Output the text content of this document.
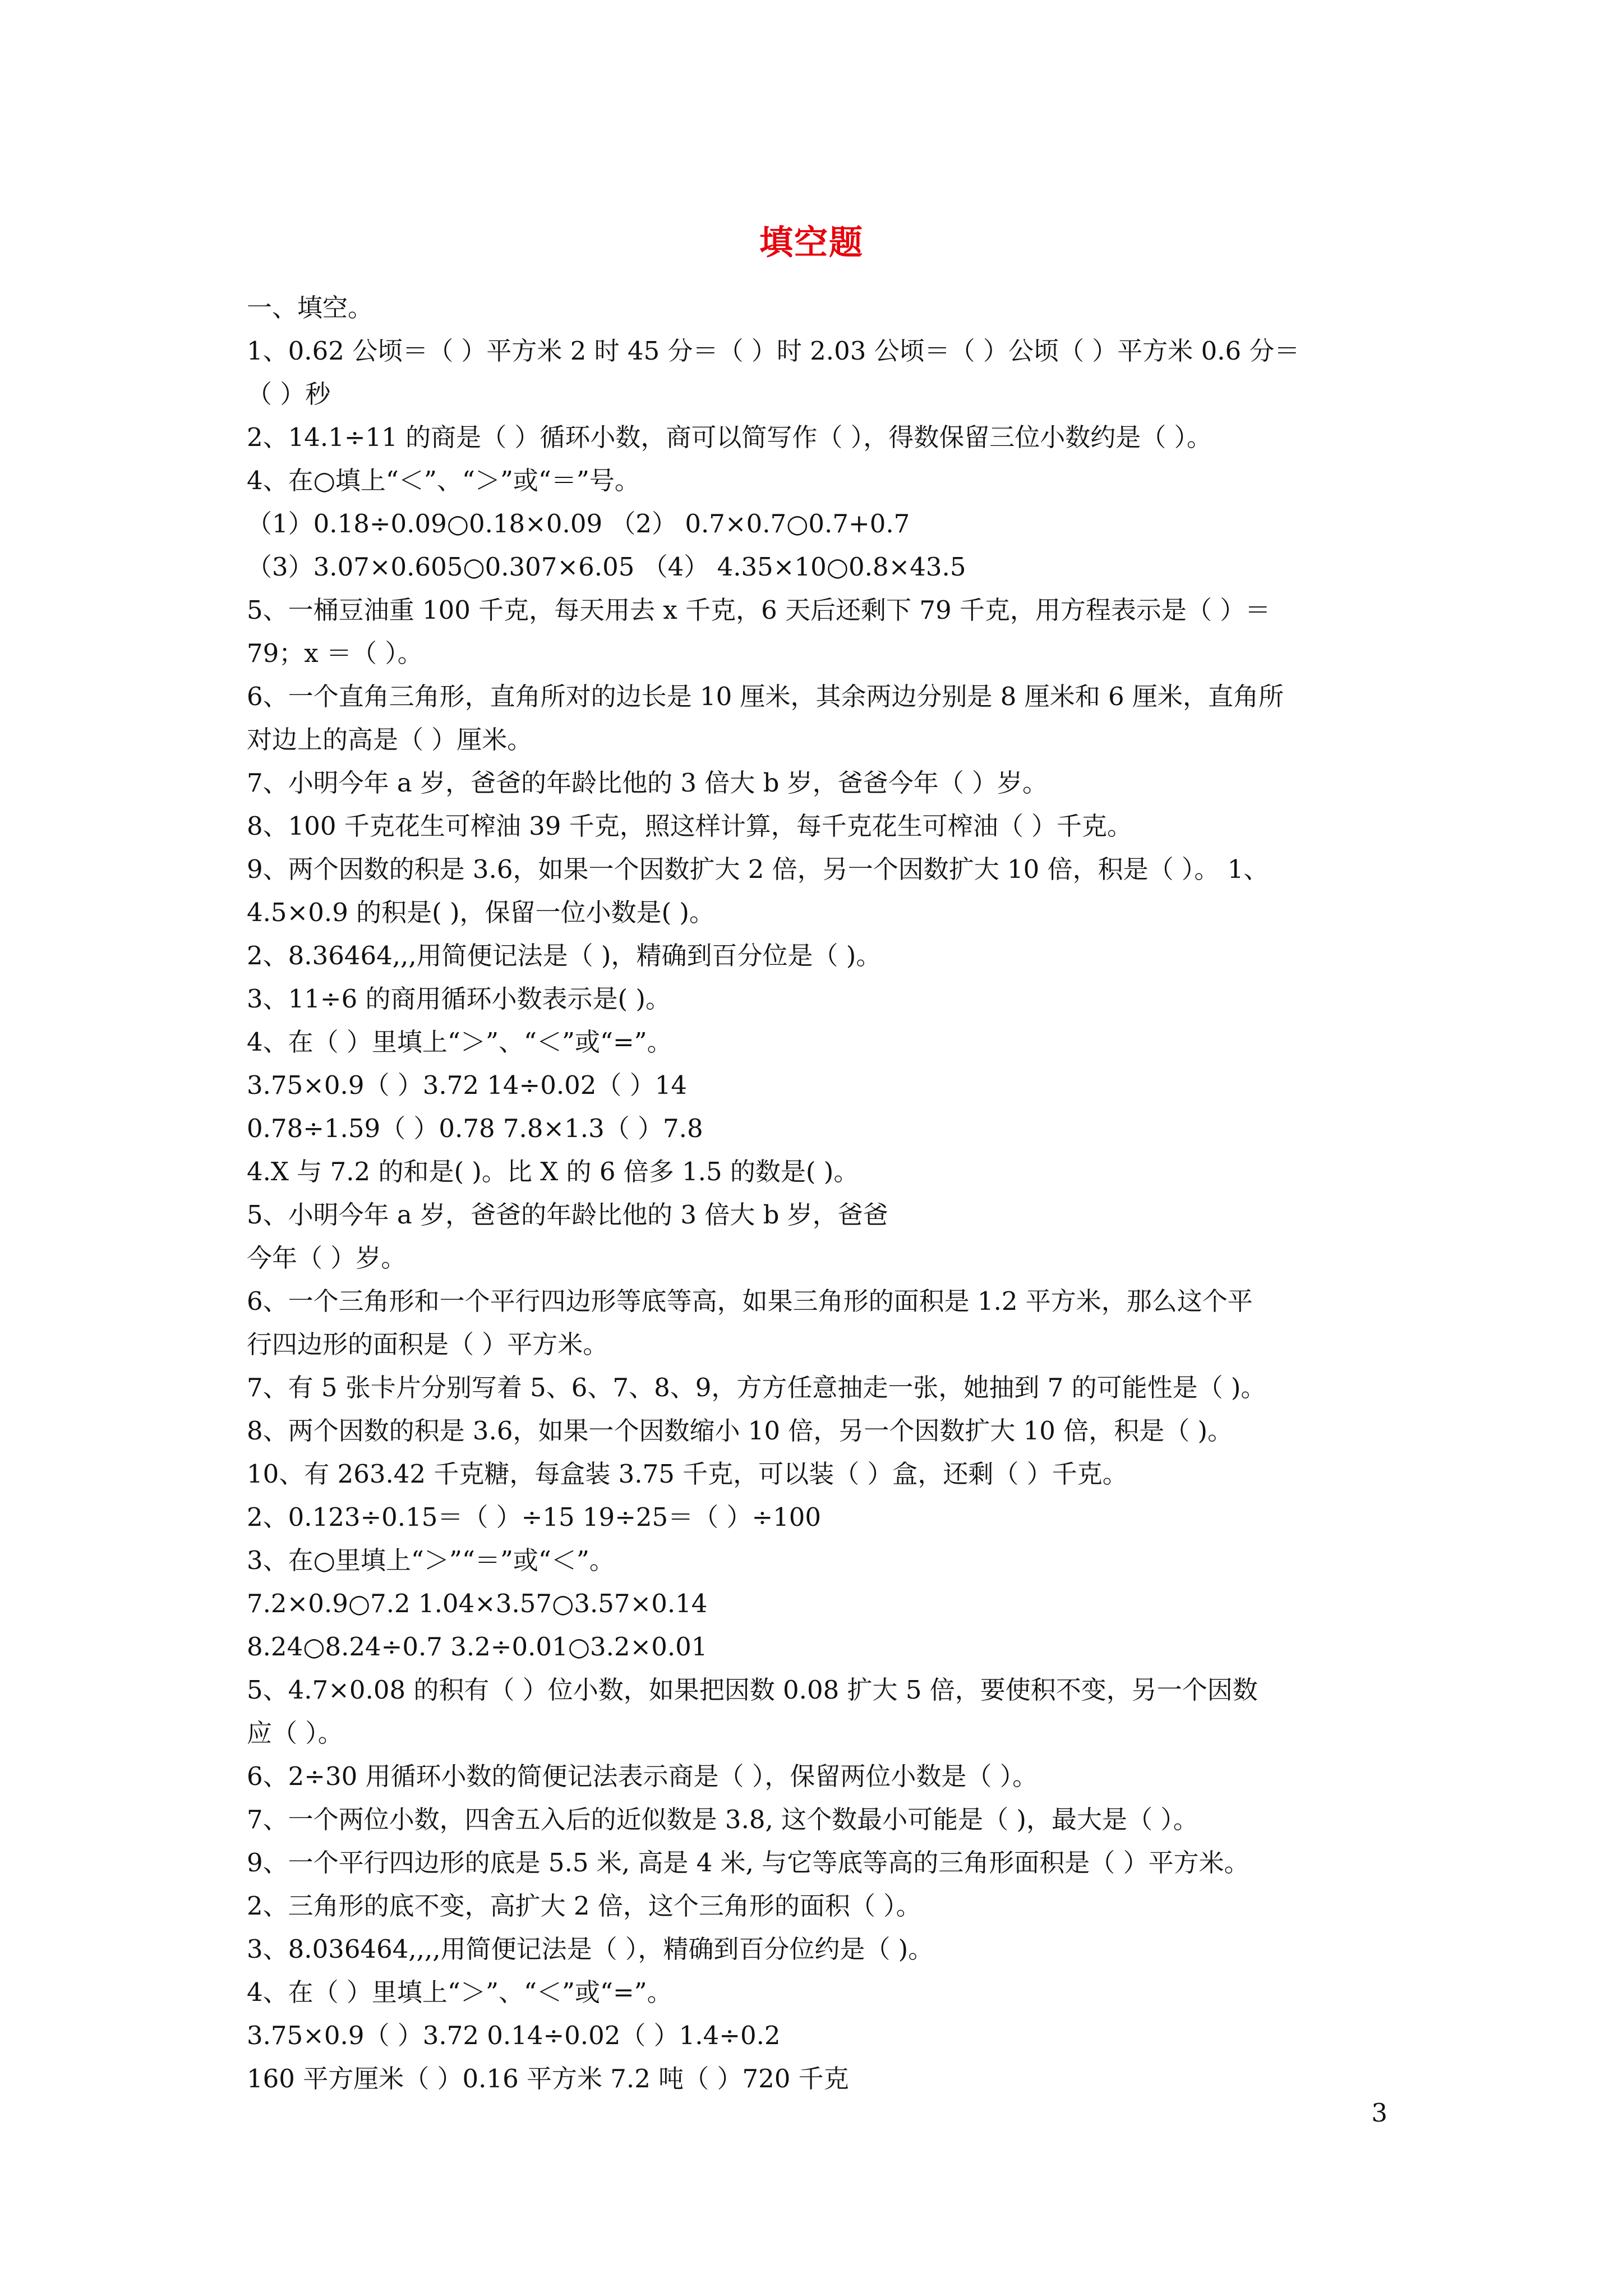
填空题
一、填空。
1、0.62 公顷＝（ ）平方米 2 时 45 分＝（ ）时 2.03 公顷＝（ ）公顷（ ）平方米 0.6 分＝
（ ）秒
2、14.1÷11 的商是（ ）循环小数，商可以简写作（ ），得数保留三位小数约是（ ）。
4、在○填上“＜”、“＞”或“＝”号。
（1）0.18÷0.09○0.18×0.09 （2） 0.7×0.7○0.7+0.7
（3）3.07×0.605○0.307×6.05 （4） 4.35×10○0.8×43.5
5、一桶豆油重 100 千克，每天用去 x 千克，6 天后还剩下 79 千克，用方程表示是（ ）＝
79；x ＝（ ）。
6、一个直角三角形，直角所对的边长是 10 厘米，其余两边分别是 8 厘米和 6 厘米，直角所
对边上的高是（ ）厘米。
7、小明今年 a 岁，爸爸的年龄比他的 3 倍大 b 岁，爸爸今年（ ）岁。
8、100 千克花生可榨油 39 千克，照这样计算，每千克花生可榨油（ ）千克。
9、两个因数的积是 3.6，如果一个因数扩大 2 倍，另一个因数扩大 10 倍，积是（ ）。 1、
4.5×0.9 的积是( )，保留一位小数是( )。
2、8.36464,,,用简便记法是（ )，精确到百分位是（ )。
3、11÷6 的商用循环小数表示是( )。
4、在（ ）里填上“＞”、“＜”或“=”。
3.75×0.9（ ）3.72 14÷0.02（ ）14
0.78÷1.59（ ）0.78 7.8×1.3（ ）7.8
4.X 与 7.2 的和是( )。比 X 的 6 倍多 1.5 的数是( )。
5、小明今年 a 岁，爸爸的年龄比他的 3 倍大 b 岁，爸爸
今年（ ）岁。
6、一个三角形和一个平行四边形等底等高，如果三角形的面积是 1.2 平方米，那么这个平
行四边形的面积是（ ）平方米。
7、有 5 张卡片分别写着 5、6、7、8、9，方方任意抽走一张，她抽到 7 的可能性是（ )。
8、两个因数的积是 3.6，如果一个因数缩小 10 倍，另一个因数扩大 10 倍，积是（ )。
10、有 263.42 千克糖，每盒装 3.75 千克，可以装（ ）盒，还剩（ ）千克。
2、0.123÷0.15＝（ ）÷15 19÷25＝（ ）÷100
3、在○里填上“＞”“＝”或“＜”。
7.2×0.9○7.2 1.04×3.57○3.57×0.14
8.24○8.24÷0.7 3.2÷0.01○3.2×0.01
5、4.7×0.08 的积有（ ）位小数，如果把因数 0.08 扩大 5 倍，要使积不变，另一个因数
应（ ）。
6、2÷30 用循环小数的简便记法表示商是（ ），保留两位小数是（ ）。
7、一个两位小数，四舍五入后的近似数是 3.8, 这个数最小可能是（ )，最大是（ ）。
9、一个平行四边形的底是 5.5 米, 高是 4 米, 与它等底等高的三角形面积是（ ）平方米。
2、三角形的底不变，高扩大 2 倍，这个三角形的面积（ ）。
3、8.036464,,,,用简便记法是（ ），精确到百分位约是（ )。
4、在（ ）里填上“＞”、“＜”或“=”。
3.75×0.9（ ）3.72 0.14÷0.02（ ）1.4÷0.2
160 平方厘米（ ）0.16 平方米 7.2 吨（ ）720 千克
3
